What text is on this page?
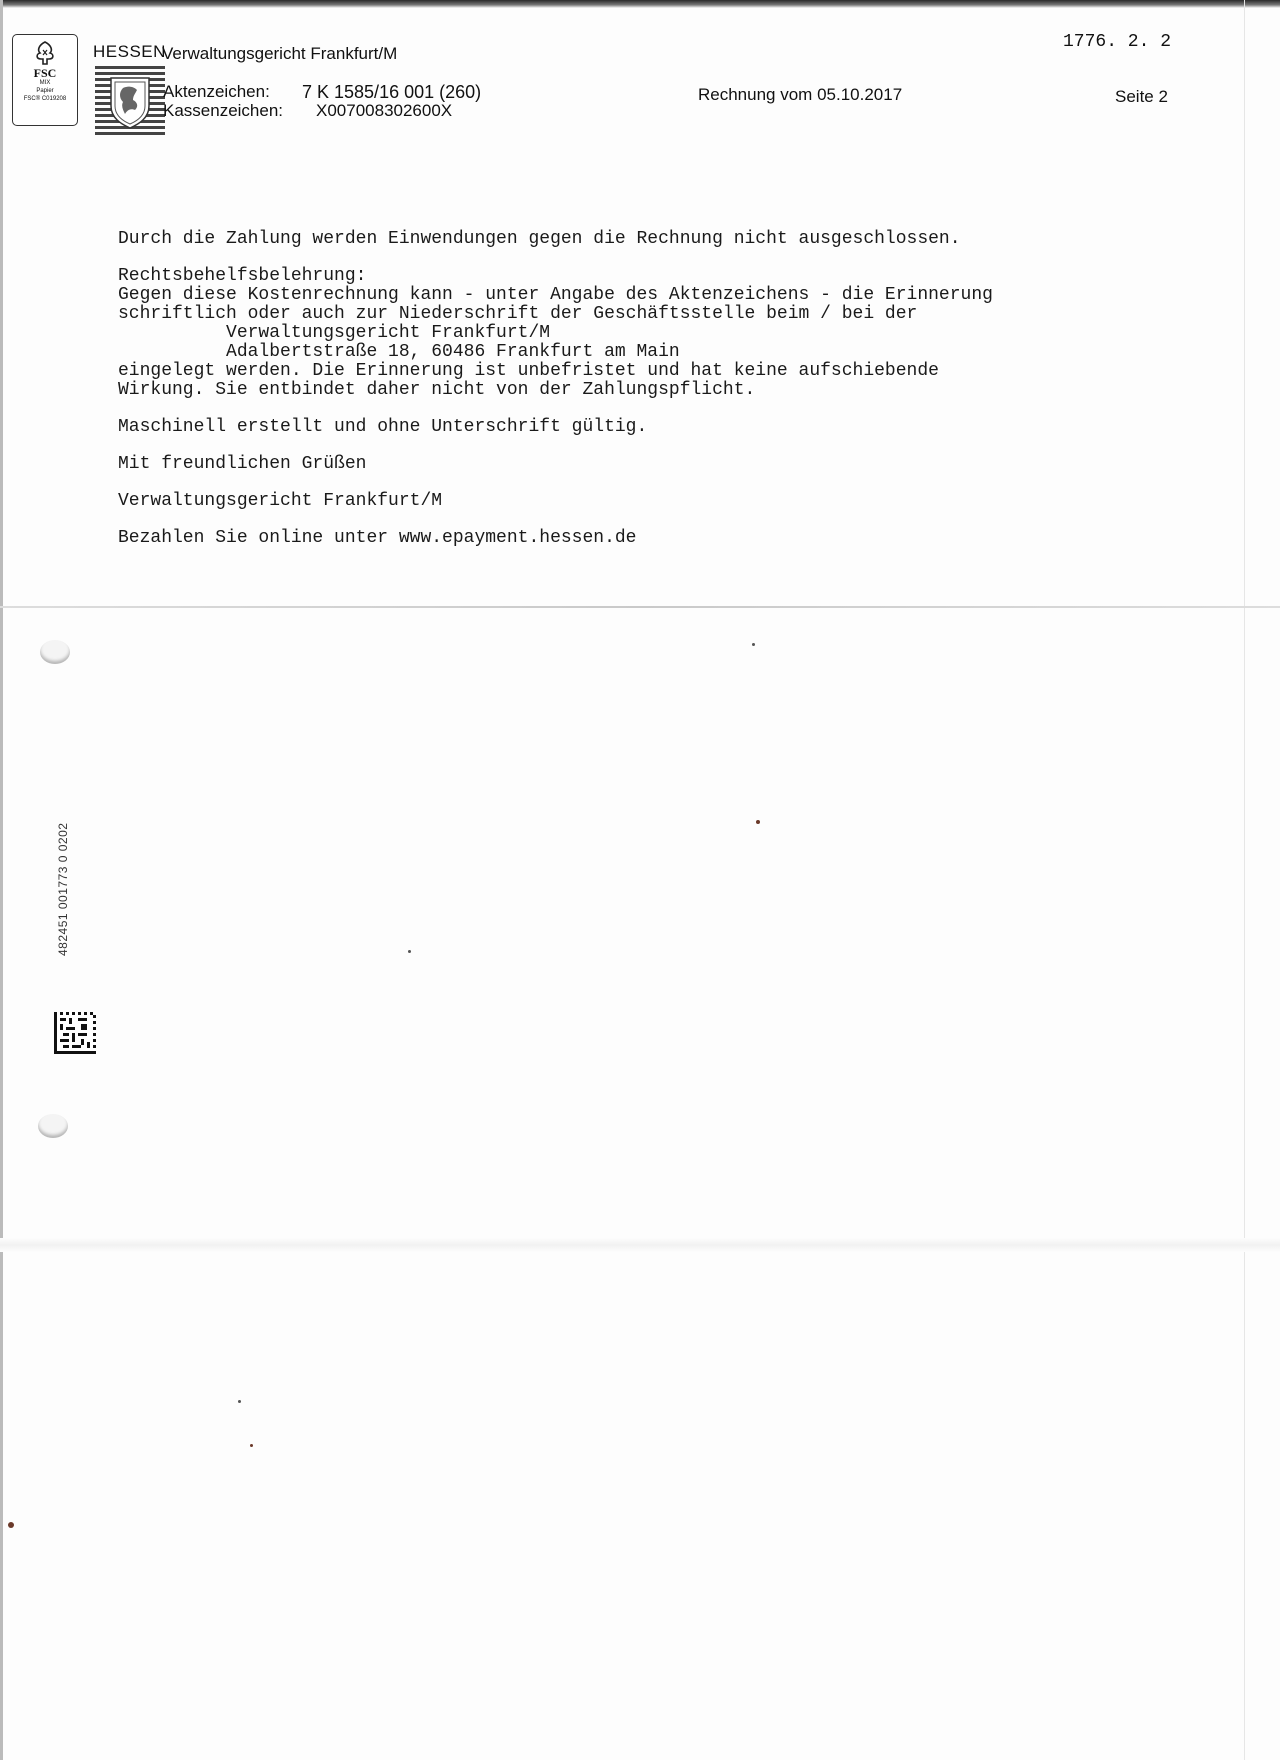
FSC
MIX
Papier
FSC® C019208
HESSEN
Verwaltungsgericht Frankfurt/M
Aktenzeichen: 7 K 1585/16 001 (260)
Kassenzeichen: X007008302600X
Rechnung vom 05.10.2017	Seite 2
1776. 2. 2

Durch die Zahlung werden Einwendungen gegen die Rechnung nicht ausgeschlossen.

Rechtsbehelfsbelehrung:

Gegen diese Kostenrechnung kann - unter Angabe des Aktenzeichens - die Erinnerung

schriftlich oder auch zur Niederschrift der Geschäftsstelle beim / bei der

Verwaltungsgericht Frankfurt/M

Adalbertstraße 18, 60486 Frankfurt am Main

eingelegt werden. Die Erinnerung ist unbefristet und hat keine aufschiebende

Wirkung. Sie entbindet daher nicht von der Zahlungspflicht.

Maschinell erstellt und ohne Unterschrift gültig.

Mit freundlichen Grüßen

Verwaltungsgericht Frankfurt/M

Bezahlen Sie online unter www.epayment.hessen.de

482451 001773 0 0202
